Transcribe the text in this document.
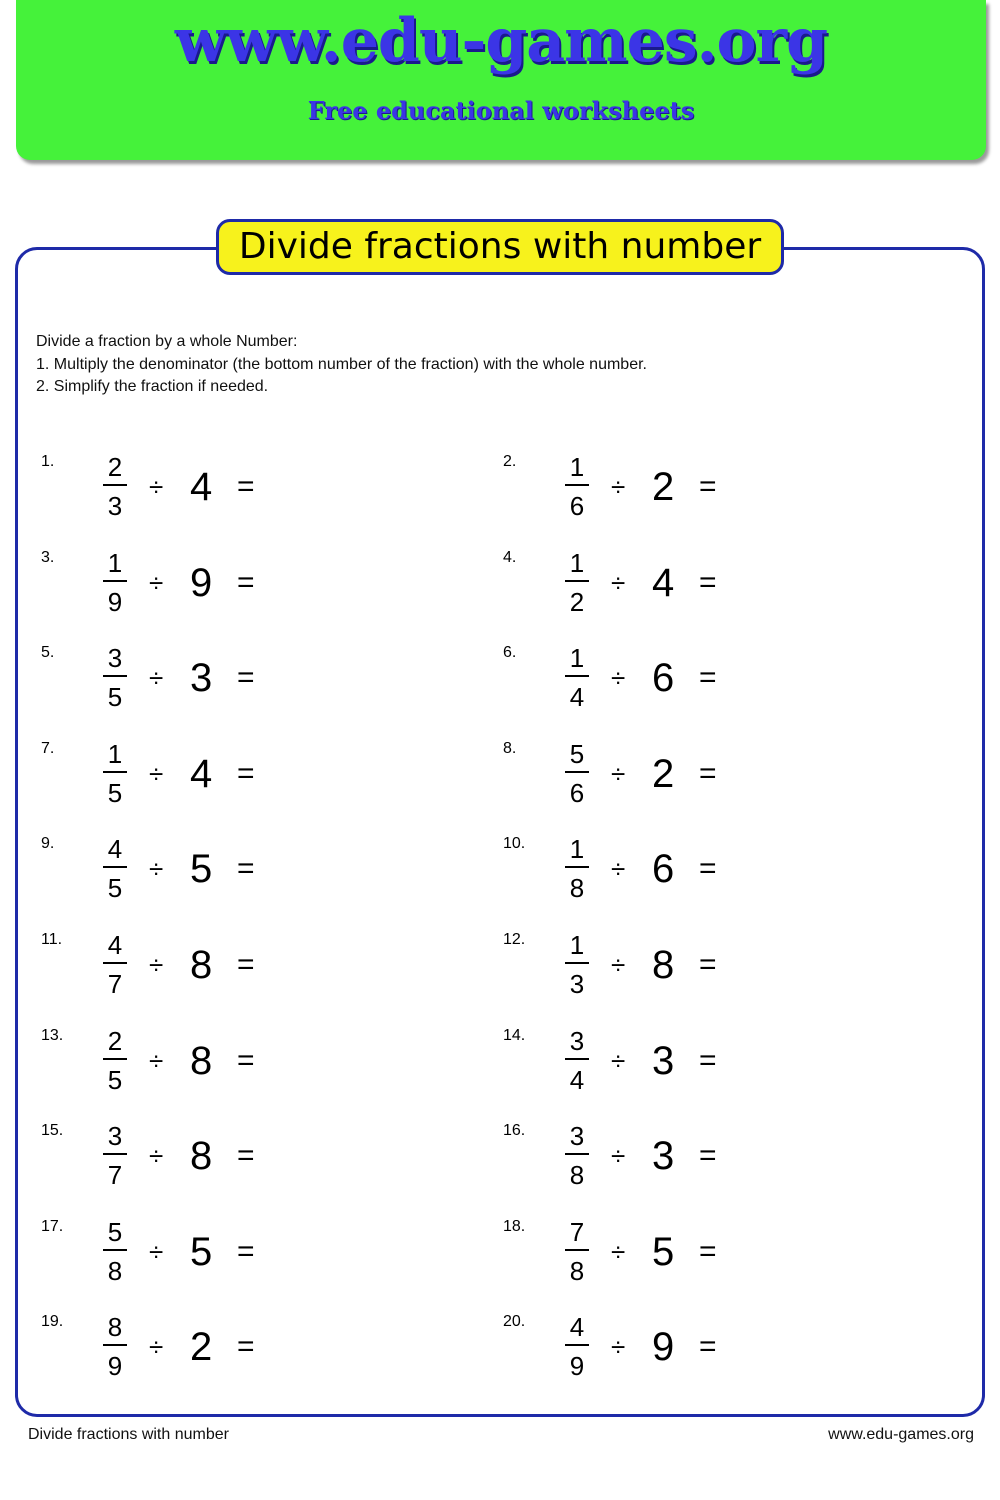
www.edu-games.org
Free educational worksheets
Divide fractions with number
Divide a fraction by a whole Number:
1. Multiply the denominator (the bottom number of the fraction) with the whole number.
2. Simplify the fraction if needed.
1. $\frac{2}{3} \div 4$ =
2. $\frac{1}{6} \div 2$ =
3. $\frac{1}{9} \div 9$ =
4. $\frac{1}{2} \div 4$ =
5. $\frac{3}{5} \div 3$ =
6. $\frac{1}{4} \div 6$ =
7. $\frac{1}{5} \div 4$ =
8. $\frac{5}{6} \div 2$ =
9. $\frac{4}{5} \div 5$ =
10. $\frac{1}{8} \div 6$ =
11. $\frac{4}{7} \div 8$ =
12. $\frac{1}{3} \div 8$ =
13. $\frac{2}{5} \div 8$ =
14. $\frac{3}{4} \div 3$ =
15. $\frac{3}{7} \div 8$ =
16. $\frac{3}{8} \div 3$ =
17. $\frac{5}{8} \div 5$ =
18. $\frac{7}{8} \div 5$ =
19. $\frac{8}{9} \div 2$ =
20. $\frac{4}{9} \div 9$ =
Divide fractions with number	www.edu-games.org
